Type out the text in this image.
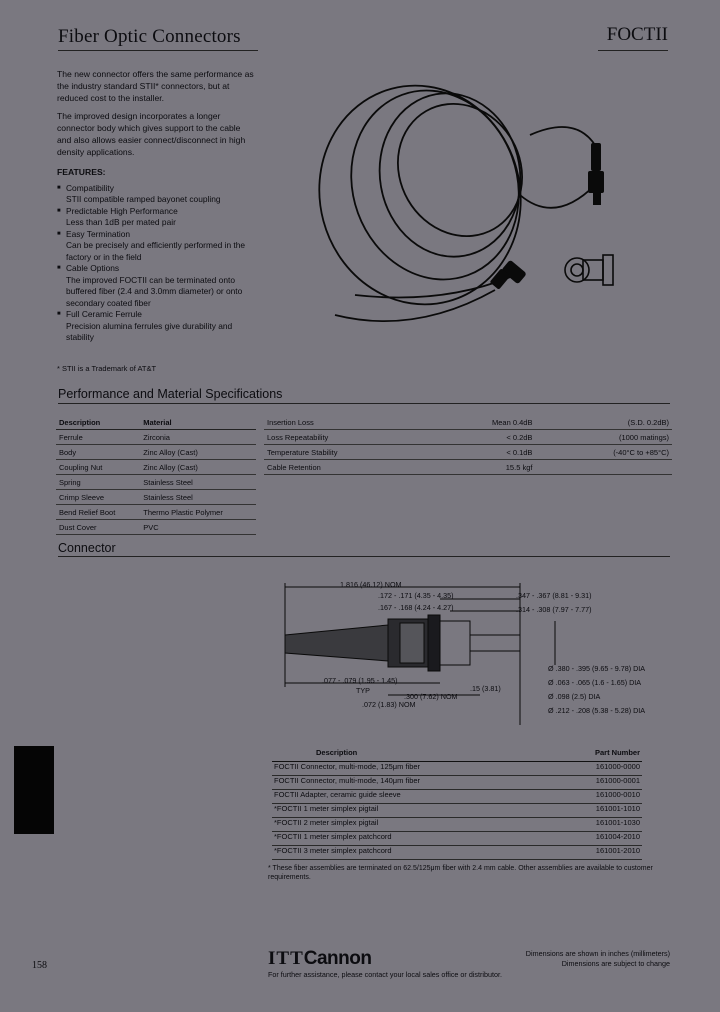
Fiber Optic Connectors	FOCTII

The new connector offers the same performance as the industry standard STII* connectors, but at reduced cost to the installer.

The improved design incorporates a longer connector body which gives support to the cable and also allows easier connect/disconnect in high density applications.

FEATURES:
■ Compatibility
STII compatible ramped bayonet coupling
■ Predictable High Performance
Less than 1dB per mated pair
■ Easy Termination
Can be precisely and efficiently performed in the factory or in the field
■ Cable Options
The improved FOCTII can be terminated onto buffered fiber (2.4 and 3.0mm diameter) or onto secondary coated fiber
■ Full Ceramic Ferrule
Precision alumina ferrules give durability and stability
* STII is a Trademark of AT&T
Performance and Material Specifications
Description	Material
Ferrule	Zirconia
Body	Zinc Alloy (Cast)
Coupling Nut	Zinc Alloy (Cast)
Spring	Stainless Steel
Crimp Sleeve	Stainless Steel
Bend Relief Boot	Thermo Plastic Polymer
Dust Cover	PVC
Insertion Loss	Mean 0.4dB	(S.D. 0.2dB)
Loss Repeatability	< 0.2dB	(1000 matings)
Temperature Stability	< 0.1dB	(-40°C to +85°C)
Cable Retention	15.5 kgf	
Connector
1.816 (46.12) NOM
.172 - .171 (4.35 - 4.35)
.167 - .168 (4.24 - 4.27)
.347 - .367 (8.81 - 9.31)
.314 - .308 (7.97 - 7.77)
.077 - .079 (1.95 - 1.45)
TYP
.072 (1.83) NOM
.15 (3.81)
Ø .380 - .395 (9.65 - 9.78) DIA
Ø .063 - .065 (1.6 - 1.65) DIA
Ø .098 (2.5) DIA
Ø .212 - .208 (5.38 - 5.28) DIA
.300 (7.62) NOM
Description	Part Number
FOCTII Connector, multi-mode, 125μm fiber	161000-0000
FOCTII Connector, multi-mode, 140μm fiber	161000-0001
FOCTII Adapter, ceramic guide sleeve	161000-0010
*FOCTII 1 meter simplex pigtail	161001-1010
*FOCTII 2 meter simplex pigtail	161001-1030
*FOCTII 1 meter simplex patchcord	161004-2010
*FOCTII 3 meter simplex patchcord	161001-2010
* These fiber assemblies are terminated on 62.5/125μm fiber with 2.4 mm cable. Other assemblies are available to customer requirements.
158	ITTCannon
For further assistance, please contact your local sales office or distributor.
Dimensions are shown in inches (millimeters)
Dimensions are subject to change
